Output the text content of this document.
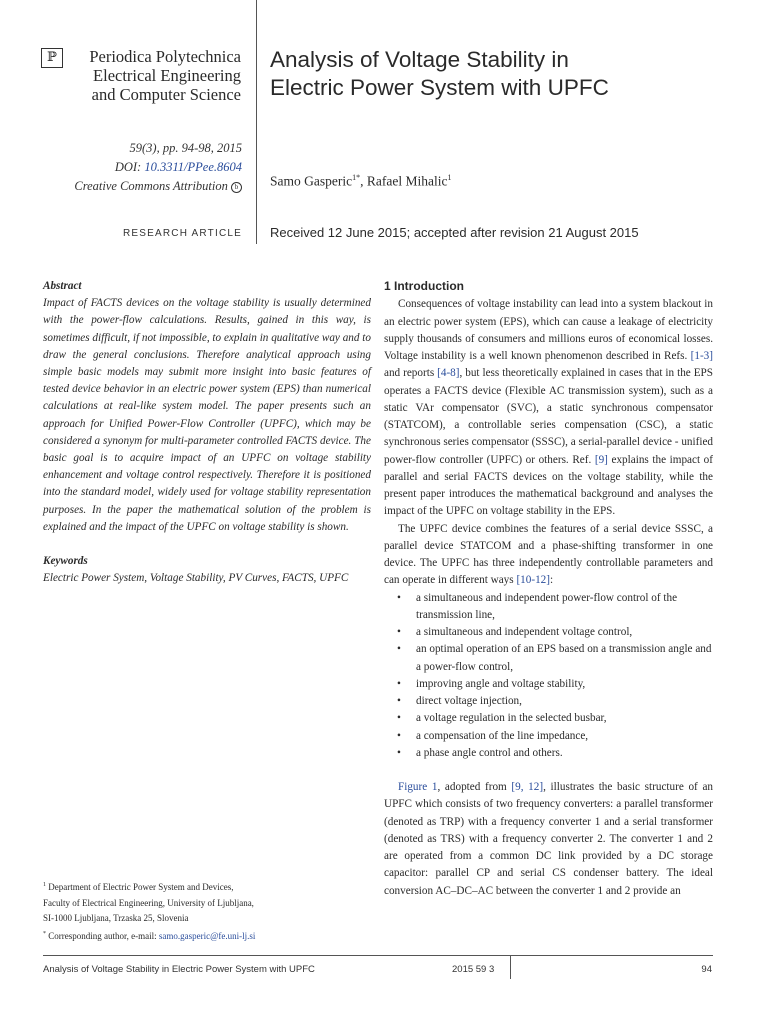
ℙ	Periodica Polytechnica
Electrical Engineering
and Computer Science
Analysis of Voltage Stability in
Electric Power System with UPFC
59(3), pp. 94-98, 2015
DOI: 10.3311/PPee.8604
Creative Commons Attribution b Samo Gasperic$^{1*}$, Rafael Mihalic$^1$
RESEARCH ARTICLE Received 12 June 2015; accepted after revision 21 August 2015
Abstract
Impact of FACTS devices on the voltage stability is usually determined with the power-flow calculations. Results, gained in this way, is sometimes difficult, if not impossible, to explain in qualitative way and to draw the general conclusions. Therefore analytical approach using simple basic models may submit more insight into basic features of tested device behavior in an electric power system (EPS) than numerical calculations at real-like system model. The paper presents such an approach for Unified Power-Flow Controller (UPFC), which may be considered a synonym for multi-parameter controlled FACTS device. The basic goal is to acquire impact of an UPFC on voltage stability enhancement and voltage control respectively. Therefore it is positioned into the standard model, widely used for voltage stability representation purposes. In the paper the mathematical solution of the problem is explained and the impact of the UPFC on voltage stability is shown.
Keywords
Electric Power System, Voltage Stability, PV Curves, FACTS, UPFC
$^1$ Department of Electric Power System and Devices,
Faculty of Electrical Engineering, University of Ljubljana,
SI-1000 Ljubljana, Trzaska 25, Slovenia
* Corresponding author, e-mail: samo.gasperic@fe.uni-lj.si
1 Introduction

Consequences of voltage instability can lead into a system blackout in an electric power system (EPS), which can cause a leakage of electricity supply thousands of consumers and millions euros of economical losses. Voltage instability is a well known phenomenon described in Refs. [1-3] and reports [4-8], but less theoretically explained in cases that in the EPS operates a FACTS device (Flexible AC transmission system), such as a static VAr compensator (SVC), a static synchronous compensator (STATCOM), a controllable series compensation (CSC), a static synchronous series compensator (SSSC), a serial-parallel device - unified power-flow controller (UPFC) or others. Ref. [9] explains the impact of parallel and serial FACTS devices on the voltage stability, while the present paper introduces the mathematical background and analyses the impact of the UPFC on voltage stability in the EPS.

The UPFC device combines the features of a serial device SSSC, a parallel device STATCOM and a phase-shifting transformer in one device. The UPFC has three independently controllable parameters and can operate in different ways [10-12]:

• a simultaneous and independent power-flow control of the transmission line,
• a simultaneous and independent voltage control,
• an optimal operation of an EPS based on a transmission angle and a power-flow control,
• improving angle and voltage stability,
• direct voltage injection,
• a voltage regulation in the selected busbar,
• a compensation of the line impedance,
• a phase angle control and others.

Figure 1, adopted from [9, 12], illustrates the basic structure of an UPFC which consists of two frequency converters: a parallel transformer (denoted as TRP) with a frequency converter 1 and a serial transformer (denoted as TRS) with a frequency converter 2. The converter 1 and 2 are operated from a common DC link provided by a DC storage capacitor: parallel CP and serial CS condenser battery. The ideal conversion AC–DC–AC between the converter 1 and 2 provide an

Analysis of Voltage Stability in Electric Power System with UPFC	2015 59 3	94
